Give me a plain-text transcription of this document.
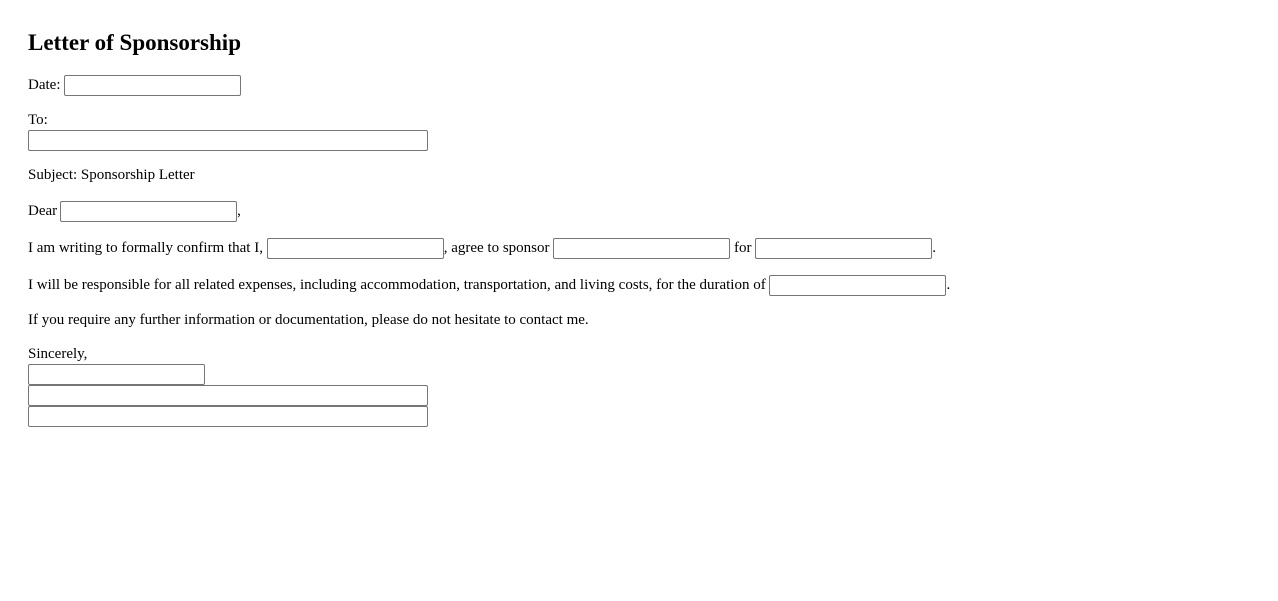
Letter of Sponsorship
Date:
To:
Subject: Sponsorship Letter
Dear	,
I am writing to formally confirm that I,	, agree to sponsor	for	.
I will be responsible for all related expenses, including accommodation, transportation, and living costs, for the duration of	.
If you require any further information or documentation, please do not hesitate to contact me.
Sincerely,
